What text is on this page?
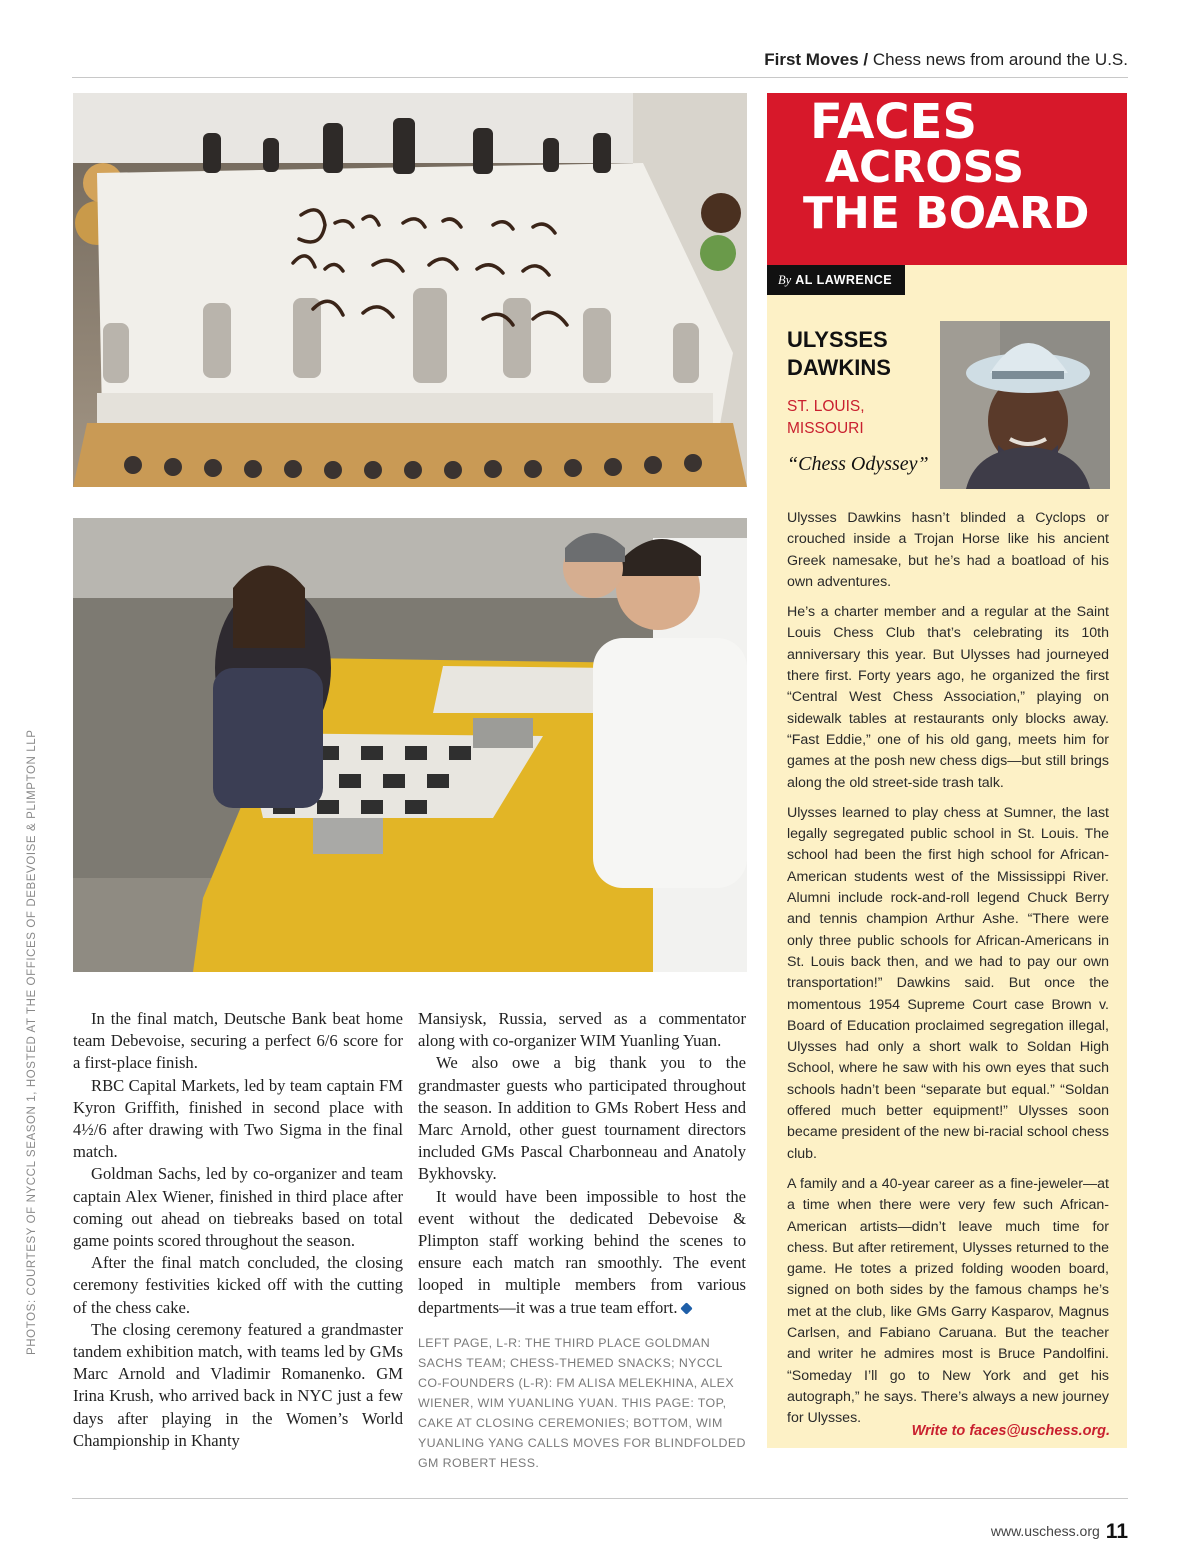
First Moves / Chess news from around the U.S.
PHOTOS: COURTESY OF NYCCL SEASON 1, HOSTED AT THE OFFICES OF DEBEVOISE & PLIMPTON LLP	In the final match, Deutsche Bank beat home team Debevoise, securing a perfect 6/6 score for a first-place finish.

RBC Capital Markets, led by team captain FM Kyron Griffith, finished in second place with 4½/6 after drawing with Two Sigma in the final match.

Goldman Sachs, led by co-organizer and team captain Alex Wiener, finished in third place after coming out ahead on tiebreaks based on total game points scored throughout the season.

After the final match concluded, the closing ceremony festivities kicked off with the cutting of the chess cake.

The closing ceremony featured a grandmaster tandem exhibition match, with teams led by GMs Marc Arnold and Vladimir Romanenko. GM Irina Krush, who arrived back in NYC just a few days after playing in the Women’s World Championship in Khanty

Mansiysk, Russia, served as a commentator along with co-organizer WIM Yuanling Yuan.

We also owe a big thank you to the grandmaster guests who participated throughout the season. In addition to GMs Robert Hess and Marc Arnold, other guest tournament directors included GMs Pascal Charbonneau and Anatoly Bykhovsky.

It would have been impossible to host the event without the dedicated Debevoise & Plimpton staff working behind the scenes to ensure each match ran smoothly. The event looped in multiple members from various departments—it was a true team effort.

LEFT PAGE, L-R: THE THIRD PLACE GOLDMAN SACHS TEAM; CHESS-THEMED SNACKS; NYCCL CO-FOUNDERS (L-R): FM ALISA MELEKHINA, ALEX WIENER, WIM YUANLING YUAN. THIS PAGE: TOP, CAKE AT CLOSING CEREMONIES; BOTTOM, WIM YUANLING YANG CALLS MOVES FOR BLINDFOLDED GM ROBERT HESS.
FACES
ACROSS
THE BOARD
By AL LAWRENCE
ULYSSES
DAWKINS
ST. LOUIS,
MISSOURI
“Chess Odyssey”

Ulysses Dawkins hasn’t blinded a Cyclops or crouched inside a Trojan Horse like his ancient Greek namesake, but he’s had a boatload of his own adventures.

He’s a charter member and a regular at the Saint Louis Chess Club that’s celebrating its 10th anniversary this year. But Ulysses had journeyed there first. Forty years ago, he organized the first “Central West Chess Association,” playing on sidewalk tables at restaurants only blocks away. “Fast Eddie,” one of his old gang, meets him for games at the posh new chess digs—but still brings along the old street-side trash talk.

Ulysses learned to play chess at Sumner, the last legally segregated public school in St. Louis. The school had been the first high school for African-American students west of the Mississippi River. Alumni include rock-and-roll legend Chuck Berry and tennis champion Arthur Ashe. “There were only three public schools for African-Americans in St. Louis back then, and we had to pay our own transportation!” Dawkins said. But once the momentous 1954 Supreme Court case Brown v. Board of Education proclaimed segregation illegal, Ulysses had only a short walk to Soldan High School, where he saw with his own eyes that such schools hadn’t been “separate but equal.” “Soldan offered much better equipment!” Ulysses soon became president of the new bi-racial school chess club.

A family and a 40-year career as a fine-jeweler—at a time when there were very few such African-American artists—didn’t leave much time for chess. But after retirement, Ulysses returned to the game. He totes a prized folding wooden board, signed on both sides by the famous champs he’s met at the club, like GMs Garry Kasparov, Magnus Carlsen, and Fabiano Caruana. But the teacher and writer he admires most is Bruce Pandolfini. “Someday I’ll go to New York and get his autograph,” he says. There’s always a new journey for Ulysses.

Write to faces@uschess.org.
www.uschess.org 11
